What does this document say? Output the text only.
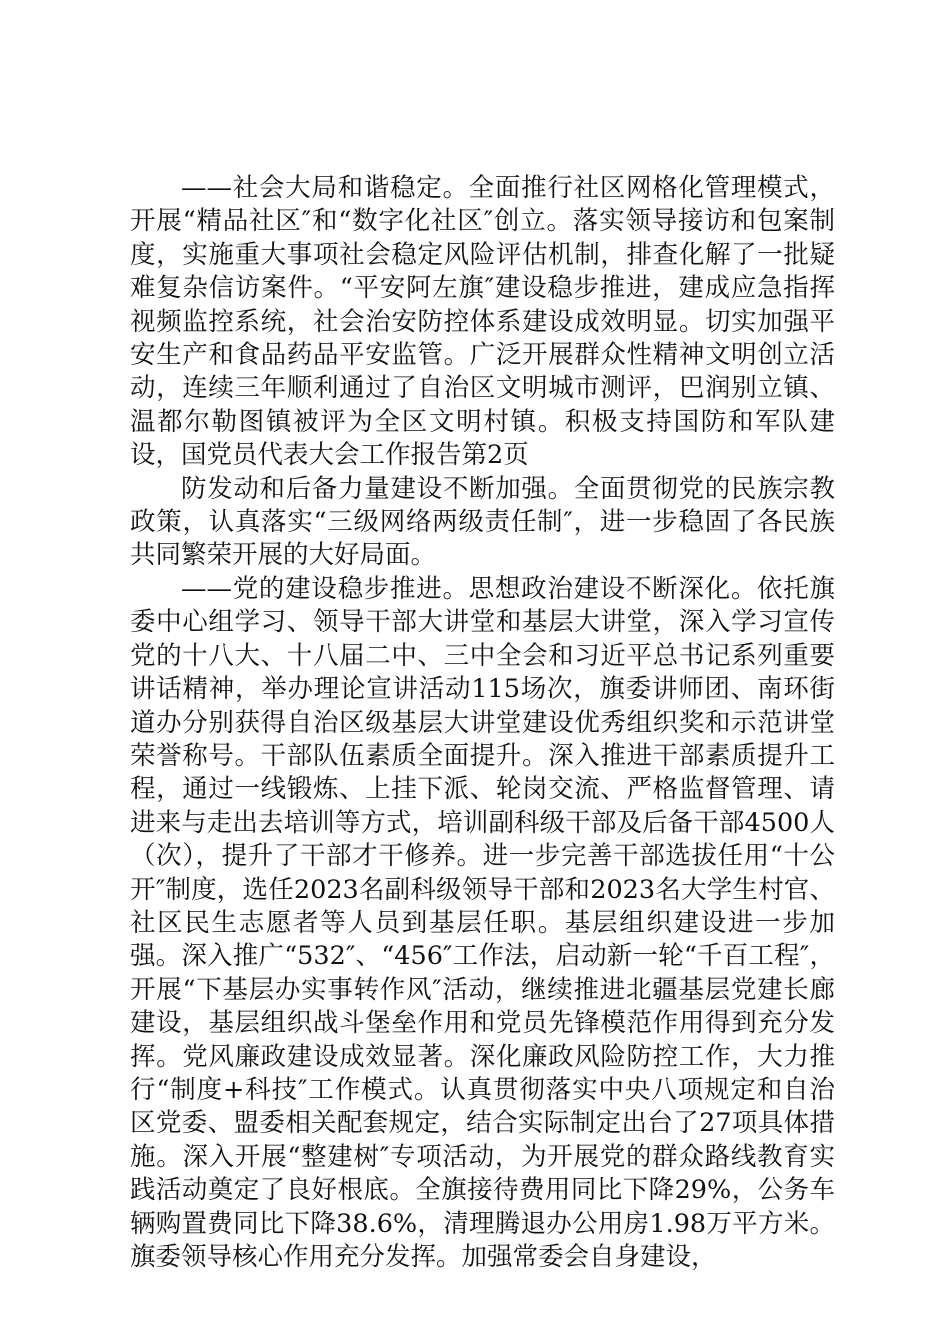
——社会大局和谐稳定。全面推行社区网格化管理模式，开展“精品社区″和“数字化社区″创立。落实领导接访和包案制度，实施重大事项社会稳定风险评估机制，排查化解了一批疑难复杂信访案件。“平安阿左旗″建设稳步推进，建成应急指挥视频监控系统，社会治安防控体系建设成效明显。切实加强平安生产和食品药品平安监管。广泛开展群众性精神文明创立活动，连续三年顺利通过了自治区文明城市测评，巴润别立镇、温都尔勒图镇被评为全区文明村镇。积极支持国防和军队建设，国党员代表大会工作报告第2页

防发动和后备力量建设不断加强。全面贯彻党的民族宗教政策，认真落实“三级网络两级责任制″，进一步稳固了各民族共同繁荣开展的大好局面。

——党的建设稳步推进。思想政治建设不断深化。依托旗委中心组学习、领导干部大讲堂和基层大讲堂，深入学习宣传党的十八大、十八届二中、三中全会和习近平总书记系列重要讲话精神，举办理论宣讲活动115场次，旗委讲师团、南环街道办分别获得自治区级基层大讲堂建设优秀组织奖和示范讲堂荣誉称号。干部队伍素质全面提升。深入推进干部素质提升工程，通过一线锻炼、上挂下派、轮岗交流、严格监督管理、请进来与走出去培训等方式，培训副科级干部及后备干部4500人（次），提升了干部才干修养。进一步完善干部选拔任用“十公开″制度，选任2023名副科级领导干部和2023名大学生村官、社区民生志愿者等人员到基层任职。基层组织建设进一步加强。深入推广“532″、“456″工作法，启动新一轮“千百工程″，开展“下基层办实事转作风″活动，继续推进北疆基层党建长廊建设，基层组织战斗堡垒作用和党员先锋模范作用得到充分发挥。党风廉政建设成效显著。深化廉政风险防控工作，大力推行“制度+科技″工作模式。认真贯彻落实中央八项规定和自治区党委、盟委相关配套规定，结合实际制定出台了27项具体措施。深入开展“整建树″专项活动，为开展党的群众路线教育实践活动奠定了良好根底。全旗接待费用同比下降29%，公务车辆购置费同比下降38.6%，清理腾退办公用房1.98万平方米。旗委领导核心作用充分发挥。加强常委会自身建设，
